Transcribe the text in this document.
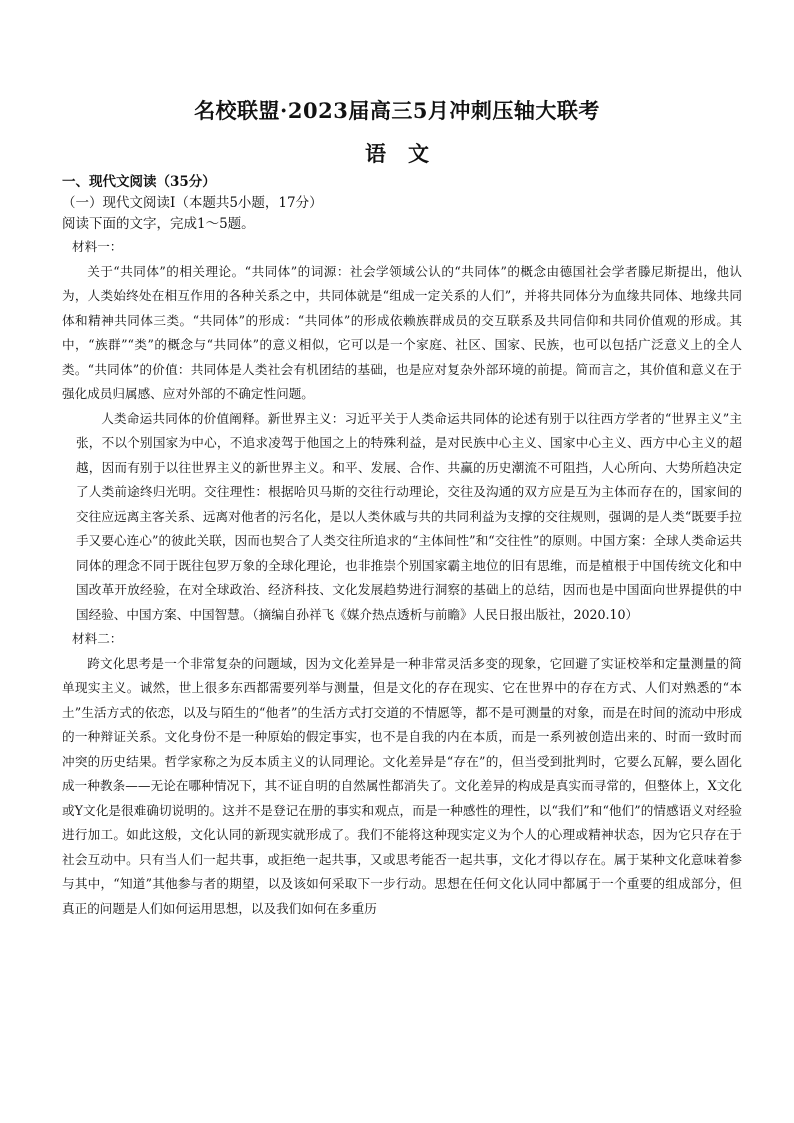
名校联盟·2023届高三5月冲刺压轴大联考
语文
一、现代文阅读（35分）
（一）现代文阅读Ⅰ（本题共5小题，17分）
阅读下面的文字，完成1～5题。
材料一：

关于“共同体”的相关理论。“共同体”的词源：社会学领域公认的“共同体”的概念由德国社会学者滕尼斯提出，他认为，人类始终处在相互作用的各种关系之中，共同体就是“组成一定关系的人们”，并将共同体分为血缘共同体、地缘共同体和精神共同体三类。“共同体”的形成：“共同体”的形成依赖族群成员的交互联系及共同信仰和共同价值观的形成。其中，“族群”“类”的概念与“共同体”的意义相似，它可以是一个家庭、社区、国家、民族，也可以包括广泛意义上的全人类。“共同体”的价值：共同体是人类社会有机团结的基础，也是应对复杂外部环境的前提。简而言之，其价值和意义在于强化成员归属感、应对外部的不确定性问题。

人类命运共同体的价值阐释。新世界主义：习近平关于人类命运共同体的论述有别于以往西方学者的“世界主义”主张，不以个别国家为中心，不追求凌驾于他国之上的特殊利益，是对民族中心主义、国家中心主义、西方中心主义的超越，因而有别于以往世界主义的新世界主义。和平、发展、合作、共赢的历史潮流不可阻挡，人心所向、大势所趋决定了人类前途终归光明。交往理性：根据哈贝马斯的交往行动理论，交往及沟通的双方应是互为主体而存在的，国家间的交往应远离主客关系、远离对他者的污名化，是以人类休戚与共的共同利益为支撑的交往规则，强调的是人类“既要手拉手又要心连心”的彼此关联，因而也契合了人类交往所追求的“主体间性”和“交往性”的原则。中国方案：全球人类命运共同体的理念不同于既往包罗万象的全球化理论，也非推崇个别国家霸主地位的旧有思维，而是植根于中国传统文化和中国改革开放经验，在对全球政治、经济科技、文化发展趋势进行洞察的基础上的总结，因而也是中国面向世界提供的中国经验、中国方案、中国智慧。（摘编自孙祥飞《媒介热点透析与前瞻》人民日报出版社，2020.10）

材料二：

跨文化思考是一个非常复杂的问题域，因为文化差异是一种非常灵活多变的现象，它回避了实证校举和定量测量的简单现实主义。诚然，世上很多东西都需要列举与测量，但是文化的存在现实、它在世界中的存在方式、人们对熟悉的“本土”生活方式的依恋，以及与陌生的“他者”的生活方式打交道的不情愿等，都不是可测量的对象，而是在时间的流动中形成的一种辩证关系。文化身份不是一种原始的假定事实，也不是自我的内在本质，而是一系列被创造出来的、时而一致时而冲突的历史结果。哲学家称之为反本质主义的认同理论。文化差异是“存在”的，但当受到批判时，它要么瓦解，要么固化成一种教条——无论在哪种情况下，其不证自明的自然属性都消失了。文化差异的构成是真实而寻常的，但整体上，X文化或Y文化是很难确切说明的。这并不是登记在册的事实和观点，而是一种感性的理性，以“我们”和“他们”的情感语义对经验进行加工。如此这般，文化认同的新现实就形成了。我们不能将这种现实定义为个人的心理或精神状态，因为它只存在于社会互动中。只有当人们一起共事，或拒绝一起共事，又或思考能否一起共事，文化才得以存在。属于某种文化意味着参与其中，“知道”其他参与者的期望，以及该如何采取下一步行动。思想在任何文化认同中都属于一个重要的组成部分，但真正的问题是人们如何运用思想，以及我们如何在多重历
